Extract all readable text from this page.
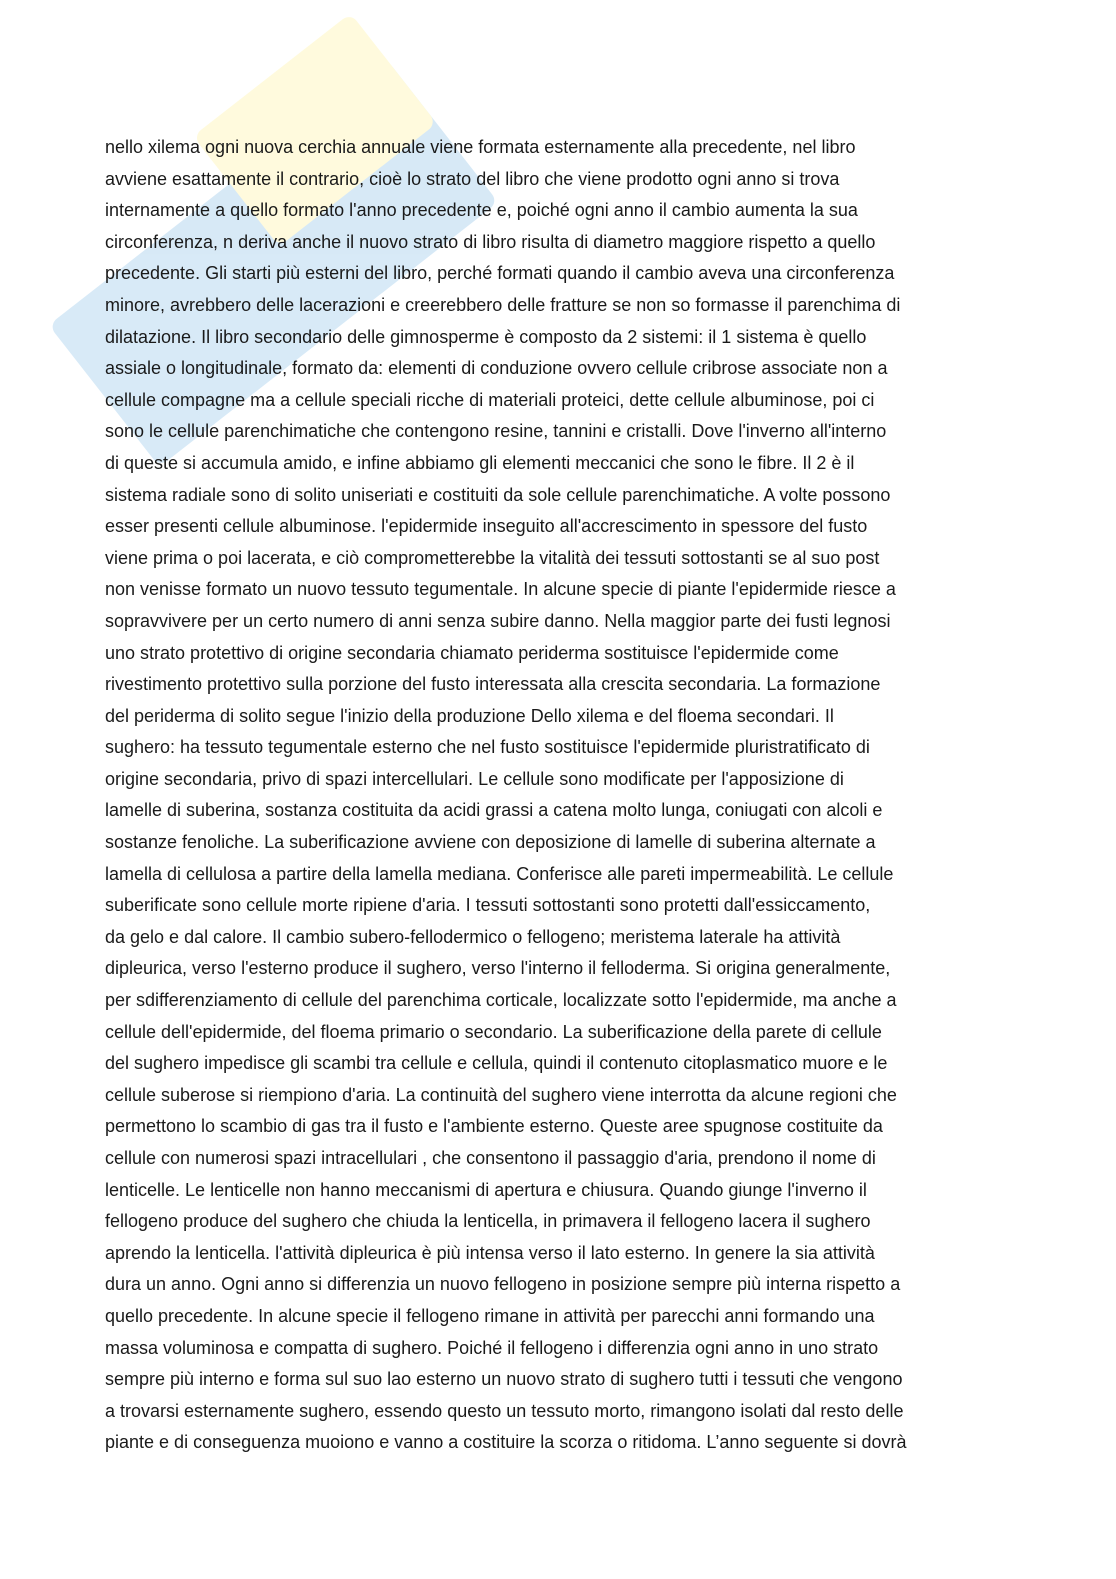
nello xilema ogni nuova cerchia annuale viene formata esternamente alla precedente, nel libro
avviene esattamente il contrario, cioè lo strato del libro che viene prodotto ogni anno si trova
internamente a quello formato l'anno precedente e, poiché ogni anno il cambio aumenta la sua
circonferenza, n deriva anche il nuovo strato di libro risulta di diametro maggiore rispetto a quello
precedente. Gli starti più esterni del libro, perché formati quando il cambio aveva una circonferenza
minore, avrebbero delle lacerazioni e creerebbero delle fratture se non so formasse il parenchima di
dilatazione. Il libro secondario delle gimnosperme è composto da 2 sistemi: il 1 sistema è quello
assiale o longitudinale, formato da: elementi di conduzione ovvero cellule cribrose associate non a
cellule compagne ma a cellule speciali ricche di materiali proteici, dette cellule albuminose, poi ci
sono le cellule parenchimatiche che contengono resine, tannini e cristalli. Dove l'inverno all'interno
di queste si accumula amido, e infine abbiamo gli elementi meccanici che sono le fibre. Il 2 è il
sistema radiale sono di solito uniseriati e costituiti da sole cellule parenchimatiche. A volte possono
esser presenti cellule albuminose. l'epidermide inseguito all'accrescimento in spessore del fusto
viene prima o poi lacerata, e ciò comprometterebbe la vitalità dei tessuti sottostanti se al suo post
non venisse formato un nuovo tessuto tegumentale. In alcune specie di piante l'epidermide riesce a
sopravvivere per un certo numero di anni senza subire danno. Nella maggior parte dei fusti legnosi
uno strato protettivo di origine secondaria chiamato periderma sostituisce l'epidermide come
rivestimento protettivo sulla porzione del fusto interessata alla crescita secondaria. La formazione
del periderma di solito segue l'inizio della produzione Dello xilema e del floema secondari. Il
sughero: ha tessuto tegumentale esterno che nel fusto sostituisce l'epidermide pluristratificato di
origine secondaria, privo di spazi intercellulari. Le cellule sono modificate per l'apposizione di
lamelle di suberina, sostanza costituita da acidi grassi a catena molto lunga, coniugati con alcoli e
sostanze fenoliche. La suberificazione avviene con deposizione di lamelle di suberina alternate a
lamella di cellulosa a partire della lamella mediana. Conferisce alle pareti impermeabilità. Le cellule
suberificate sono cellule morte ripiene d'aria. I tessuti sottostanti sono protetti dall'essiccamento,
da gelo e dal calore. Il cambio subero-fellodermico o fellogeno; meristema laterale ha attività
dipleurica, verso l'esterno produce il sughero, verso l'interno il felloderma. Si origina generalmente,
per sdifferenziamento di cellule del parenchima corticale, localizzate sotto l'epidermide, ma anche a
cellule dell'epidermide, del floema primario o secondario. La suberificazione della parete di cellule
del sughero impedisce gli scambi tra cellule e cellula, quindi il contenuto citoplasmatico muore e le
cellule suberose si riempiono d'aria. La continuità del sughero viene interrotta da alcune regioni che
permettono lo scambio di gas tra il fusto e l'ambiente esterno. Queste aree spugnose costituite da
cellule con numerosi spazi intracellulari , che consentono il passaggio d'aria, prendono il nome di
lenticelle. Le lenticelle non hanno meccanismi di apertura e chiusura. Quando giunge l'inverno il
fellogeno produce del sughero che chiuda la lenticella, in primavera il fellogeno lacera il sughero
aprendo la lenticella. l'attività dipleurica è più intensa verso il lato esterno. In genere la sia attività
dura un anno. Ogni anno si differenzia un nuovo fellogeno in posizione sempre più interna rispetto a
quello precedente. In alcune specie il fellogeno rimane in attività per parecchi anni formando una
massa voluminosa e compatta di sughero. Poiché il fellogeno i differenzia ogni anno in uno strato
sempre più interno e forma sul suo lao esterno un nuovo strato di sughero tutti i tessuti che vengono
a trovarsi esternamente sughero, essendo questo un tessuto morto, rimangono isolati dal resto delle
piante e di conseguenza muoiono e vanno a costituire la scorza o ritidoma. L’anno seguente si dovrà
